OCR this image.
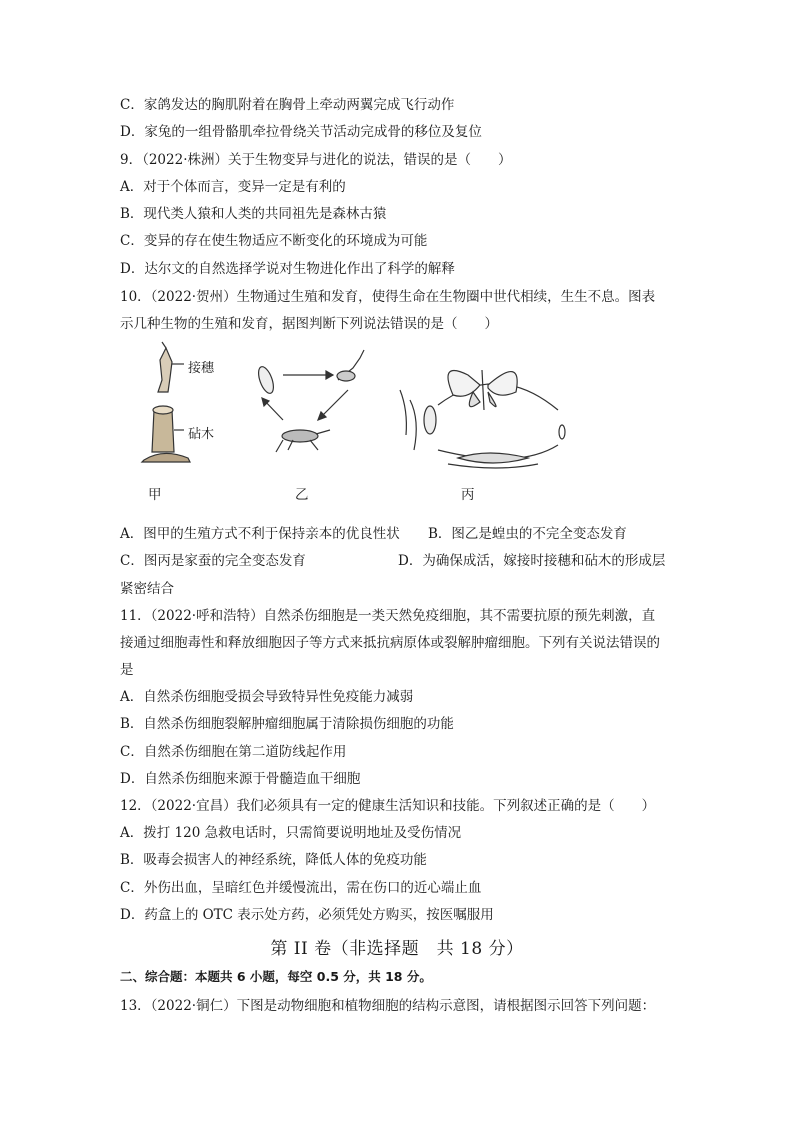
C．家鸽发达的胸肌附着在胸骨上牵动两翼完成飞行动作
D．家兔的一组骨骼肌牵拉骨绕关节活动完成骨的移位及复位
9．（2022·株洲）关于生物变异与进化的说法，错误的是（　　）
A．对于个体而言，变异一定是有利的
B．现代类人猿和人类的共同祖先是森林古猿
C．变异的存在使生物适应不断变化的环境成为可能
D．达尔文的自然选择学说对生物进化作出了科学的解释
10．（2022·贺州）生物通过生殖和发育，使得生命在生物圈中世代相续，生生不息。图表
示几种生物的生殖和发育，据图判断下列说法错误的是（　　）
接穗
砧木
甲	乙	丙
A．图甲的生殖方式不利于保持亲本的优良性状 B．图乙是蝗虫的不完全变态发育
C．图丙是家蚕的完全变态发育	D．为确保成活，嫁接时接穗和砧木的形成层
紧密结合
11．（2022·呼和浩特）自然杀伤细胞是一类天然免疫细胞，其不需要抗原的预先刺激，直
接通过细胞毒性和释放细胞因子等方式来抵抗病原体或裂解肿瘤细胞。下列有关说法错误的
是
A．自然杀伤细胞受损会导致特异性免疫能力减弱
B．自然杀伤细胞裂解肿瘤细胞属于清除损伤细胞的功能
C．自然杀伤细胞在第二道防线起作用
D．自然杀伤细胞来源于骨髓造血干细胞
12．（2022·宜昌）我们必须具有一定的健康生活知识和技能。下列叙述正确的是（　　）
A．拨打 120 急救电话时，只需简要说明地址及受伤情况
B．吸毒会损害人的神经系统，降低人体的免疫功能
C．外伤出血，呈暗红色并缓慢流出，需在伤口的近心端止血
D．药盒上的 OTC 表示处方药，必须凭处方购买，按医嘱服用
第 II 卷（非选择题　共 18 分）
二、综合题：本题共 6 小题，每空 0.5 分，共 18 分。
13．（2022·铜仁）下图是动物细胞和植物细胞的结构示意图，请根据图示回答下列问题：
